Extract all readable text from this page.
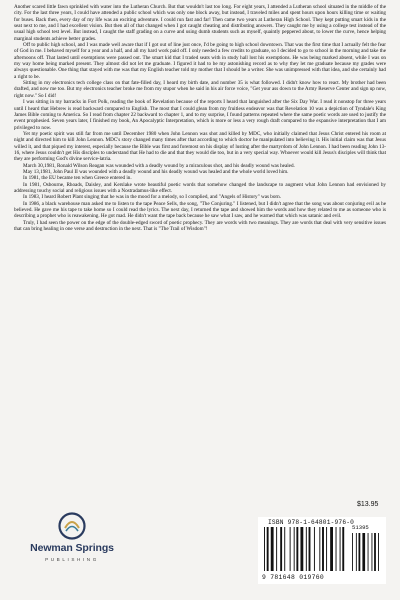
Another scared little fawn sprinkled with water into the Lutheran Church. But that wouldn't last too long. For eight years, I attended a Lutheran school situated in the middle of the city. For the last three years, I could have attended a public school which was only one block away, but instead, I traveled miles and spent hours upon hours killing time or waiting for buses. Back then, every day of my life was an exciting adventure. I could run fast and far! Then came two years at Lutheran High School. They kept putting smart kids in the seat next to me, and I had excellent vision. But then all of that changed when I got caught cheating and distributing answers. They caught me by using a college test instead of the usual high school test level. But instead, I caught the staff grading on a curve and using dumb students such as myself, quaintly peppered about, to lower the curve, hence helping marginal students achieve better grades.

Off to public high school, and I was made well aware that if I got out of line just once, I'd be going to high school downtown. That was the first time that I actually felt the fear of God in me. I behaved myself for a year and a half, and all my hard work paid off. I only needed a few credits to graduate, so I decided to go to school in the morning and take the afternoons off. That lasted until exemptions were passed out. The smart kid that I traded seats with in study hall lost his exemptions. He was being marked absent, while I was on my way home being marked present. They almost did not let me graduate. I figured it had to be my astonishing record as to why they let me graduate because my grades were always questionable. One thing that stayed with me was that my English teacher told my mother that I should be a writer. She was unimpressed with that idea, and she certainly had a right to be.

Sitting in my electronics tech college class on that fate-filled day, I heard my birth date, and number 35 is what followed. I didn't know how to react. My brother had been drafted, and now me too. But my electronics teacher broke me from my stupor when he said in his air force voice, "Get your ass down to the Army Reserve Center and sign up now, right now." So I did!

I was sitting in my barracks in Fort Polk, reading the book of Revelation because of the reports I heard that languished after the Six Day War. I read it nonstop for three years until I heard that Hebrew is read backward compared to English. The most that I could glean from my fruitless endeavor was that Revelation 10 was a depiction of Tyndale's King James Bible coming to America. So I read from chapter 22 backward to chapter 1, and to my surprise, I found patterns repeated where the same poetic words are used to justify the event prophesied. Seven years later, I finished my book, An Apocalyptic Interpretation, which is more or less a very rough draft compared to the expansive interpretation that I am privileged to now.

Yet my poetic spirit was still far from me until December 1980 when John Lennon was shot and killed by MDC, who initially claimed that Jesus Christ entered his room at night and directed him to kill John Lennon. MDC's story changed many times after that according to which doctor he manipulated into believing it. His initial claim was that Jesus willed it, and that piqued my interest, especially because the Bible was first and foremost on his display of lusting after the martyrdom of John Lennon. I had been reading John 13-16, where Jesus couldn't get His disciples to understand that He had to die and that they would die too, but in a very special way. Whoever would kill Jesus's disciples will think that they are performing God's divine service-latria.

March 30,1981, Ronald Wilson Reagan was wounded with a deadly wound by a miraculous shot, and his deadly wound was healed.

May 13,1981, John Paul II was wounded with a deadly wound and his deadly wound was healed and the whole world loved him.

In 1981, the EU became ten when Greece entered in.

In 1981, Osbourne, Rhoads, Daisley, and Kerslake wrote beautiful poetic words that somehow changed the landscape to augment what John Lennon had envisioned by addressing touchy social and religious issues with a Nostradamus-like effect.

In 1983, I heard Robert Plant singing that he was in the mood for a melody, so I complied, and "Angels of History" was born.

In 1986, a black warehouse man asked me to listen to the tape Peace Sells, the song, "The Conjuring." I listened, but I didn't agree that the song was about conjuring evil as he believed. He gave me his tape to take home so I could read the lyrics. The next day, I returned the tape and showed him the words and how they related to me as someone who is describing a prophet who is reawakening. He got mad. He didn't want the tape back because he saw what I saw, and he warned that which was satanic and evil.

Truly, I had seen the power on the edge of the double-edged sword of poetic prophecy. They are words with two meanings. They are words that deal with very sensitive issues that can bring healing in one verse and destruction in the next. That is "The Trail of Wisdom"!

Newman Springs
PUBLISHING
$13.95
ISBN 978-1-64801-976-0
51395
9 781648 019760
